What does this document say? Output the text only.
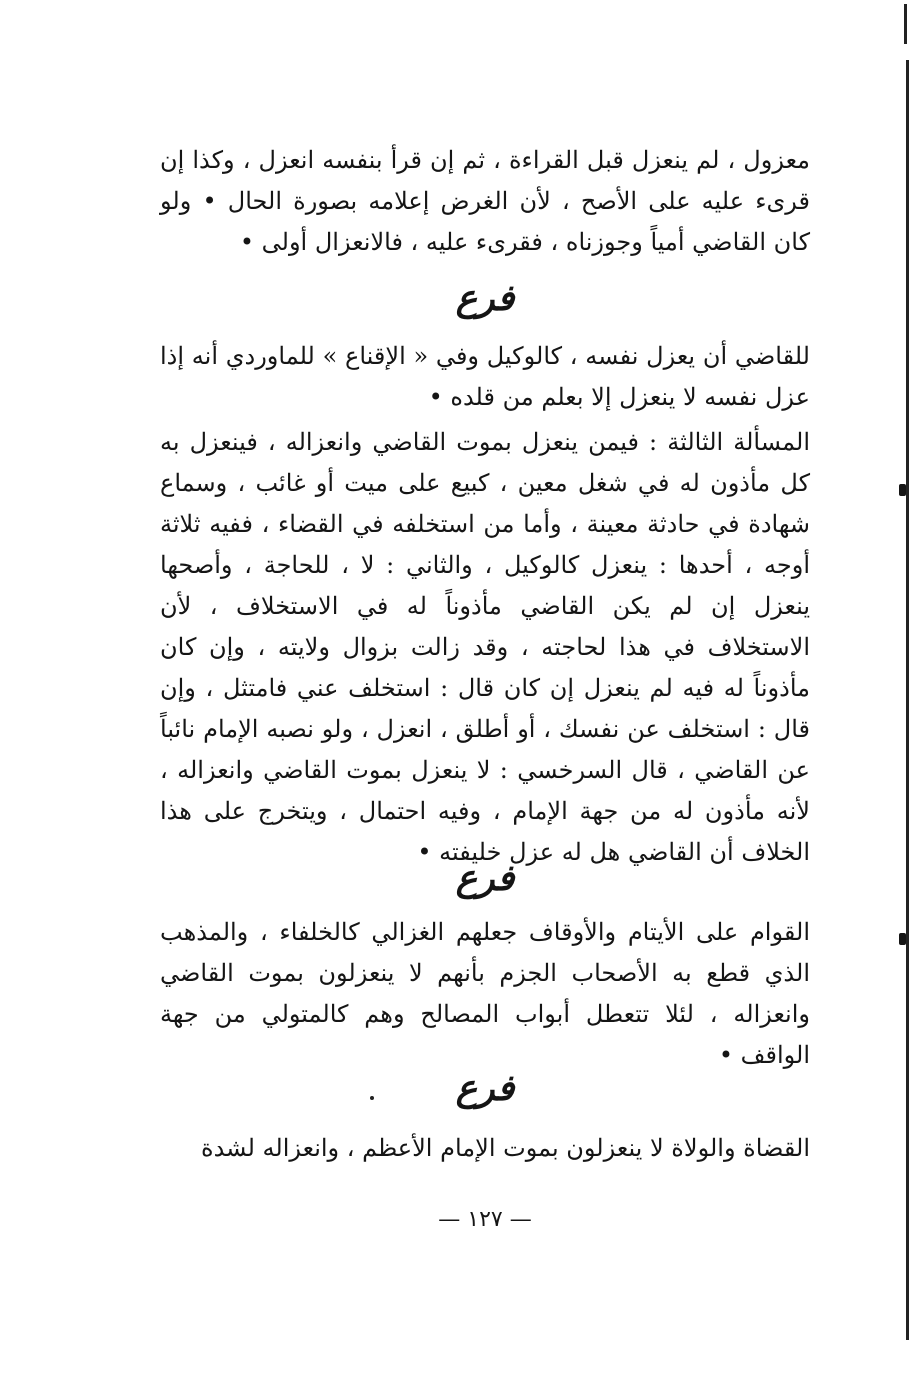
معزول ، لم ينعزل قبل القراءة ، ثم إن قرأ بنفسه انعزل ، وكذا إن قرىء عليه على الأصح ، لأن الغرض إعلامه بصورة الحال • ولو كان القاضي أمياً وجوزناه ، فقرىء عليه ، فالانعزال أولى •

فرع

للقاضي أن يعزل نفسه ، كالوكيل وفي « الإقناع » للماوردي أنه إذا عزل نفسه لا ينعزل إلا بعلم من قلده •

المسألة الثالثة : فيمن ينعزل بموت القاضي وانعزاله ، فينعزل به كل مأذون له في شغل معين ، كبيع على ميت أو غائب ، وسماع شهادة في حادثة معينة ، وأما من استخلفه في القضاء ، ففيه ثلاثة أوجه ، أحدها : ينعزل كالوكيل ، والثاني : لا ، للحاجة ، وأصحها ينعزل إن لم يكن القاضي مأذوناً له في الاستخلاف ، لأن الاستخلاف في هذا لحاجته ، وقد زالت بزوال ولايته ، وإن كان مأذوناً له فيه لم ينعزل إن كان قال : استخلف عني فامتثل ، وإن قال : استخلف عن نفسك ، أو أطلق ، انعزل ، ولو نصبه الإمام نائباً عن القاضي ، قال السرخسي : لا ينعزل بموت القاضي وانعزاله ، لأنه مأذون له من جهة الإمام ، وفيه احتمال ، ويتخرج على هذا الخلاف أن القاضي هل له عزل خليفته •

فرع

القوام على الأيتام والأوقاف جعلهم الغزالي كالخلفاء ، والمذهب الذي قطع به الأصحاب الجزم بأنهم لا ينعزلون بموت القاضي وانعزاله ، لئلا تتعطل أبواب المصالح وهم كالمتولي من جهة الواقف •

فرع

القضاة والولاة لا ينعزلون بموت الإمام الأعظم ، وانعزاله لشدة

— ١٢٧ —
